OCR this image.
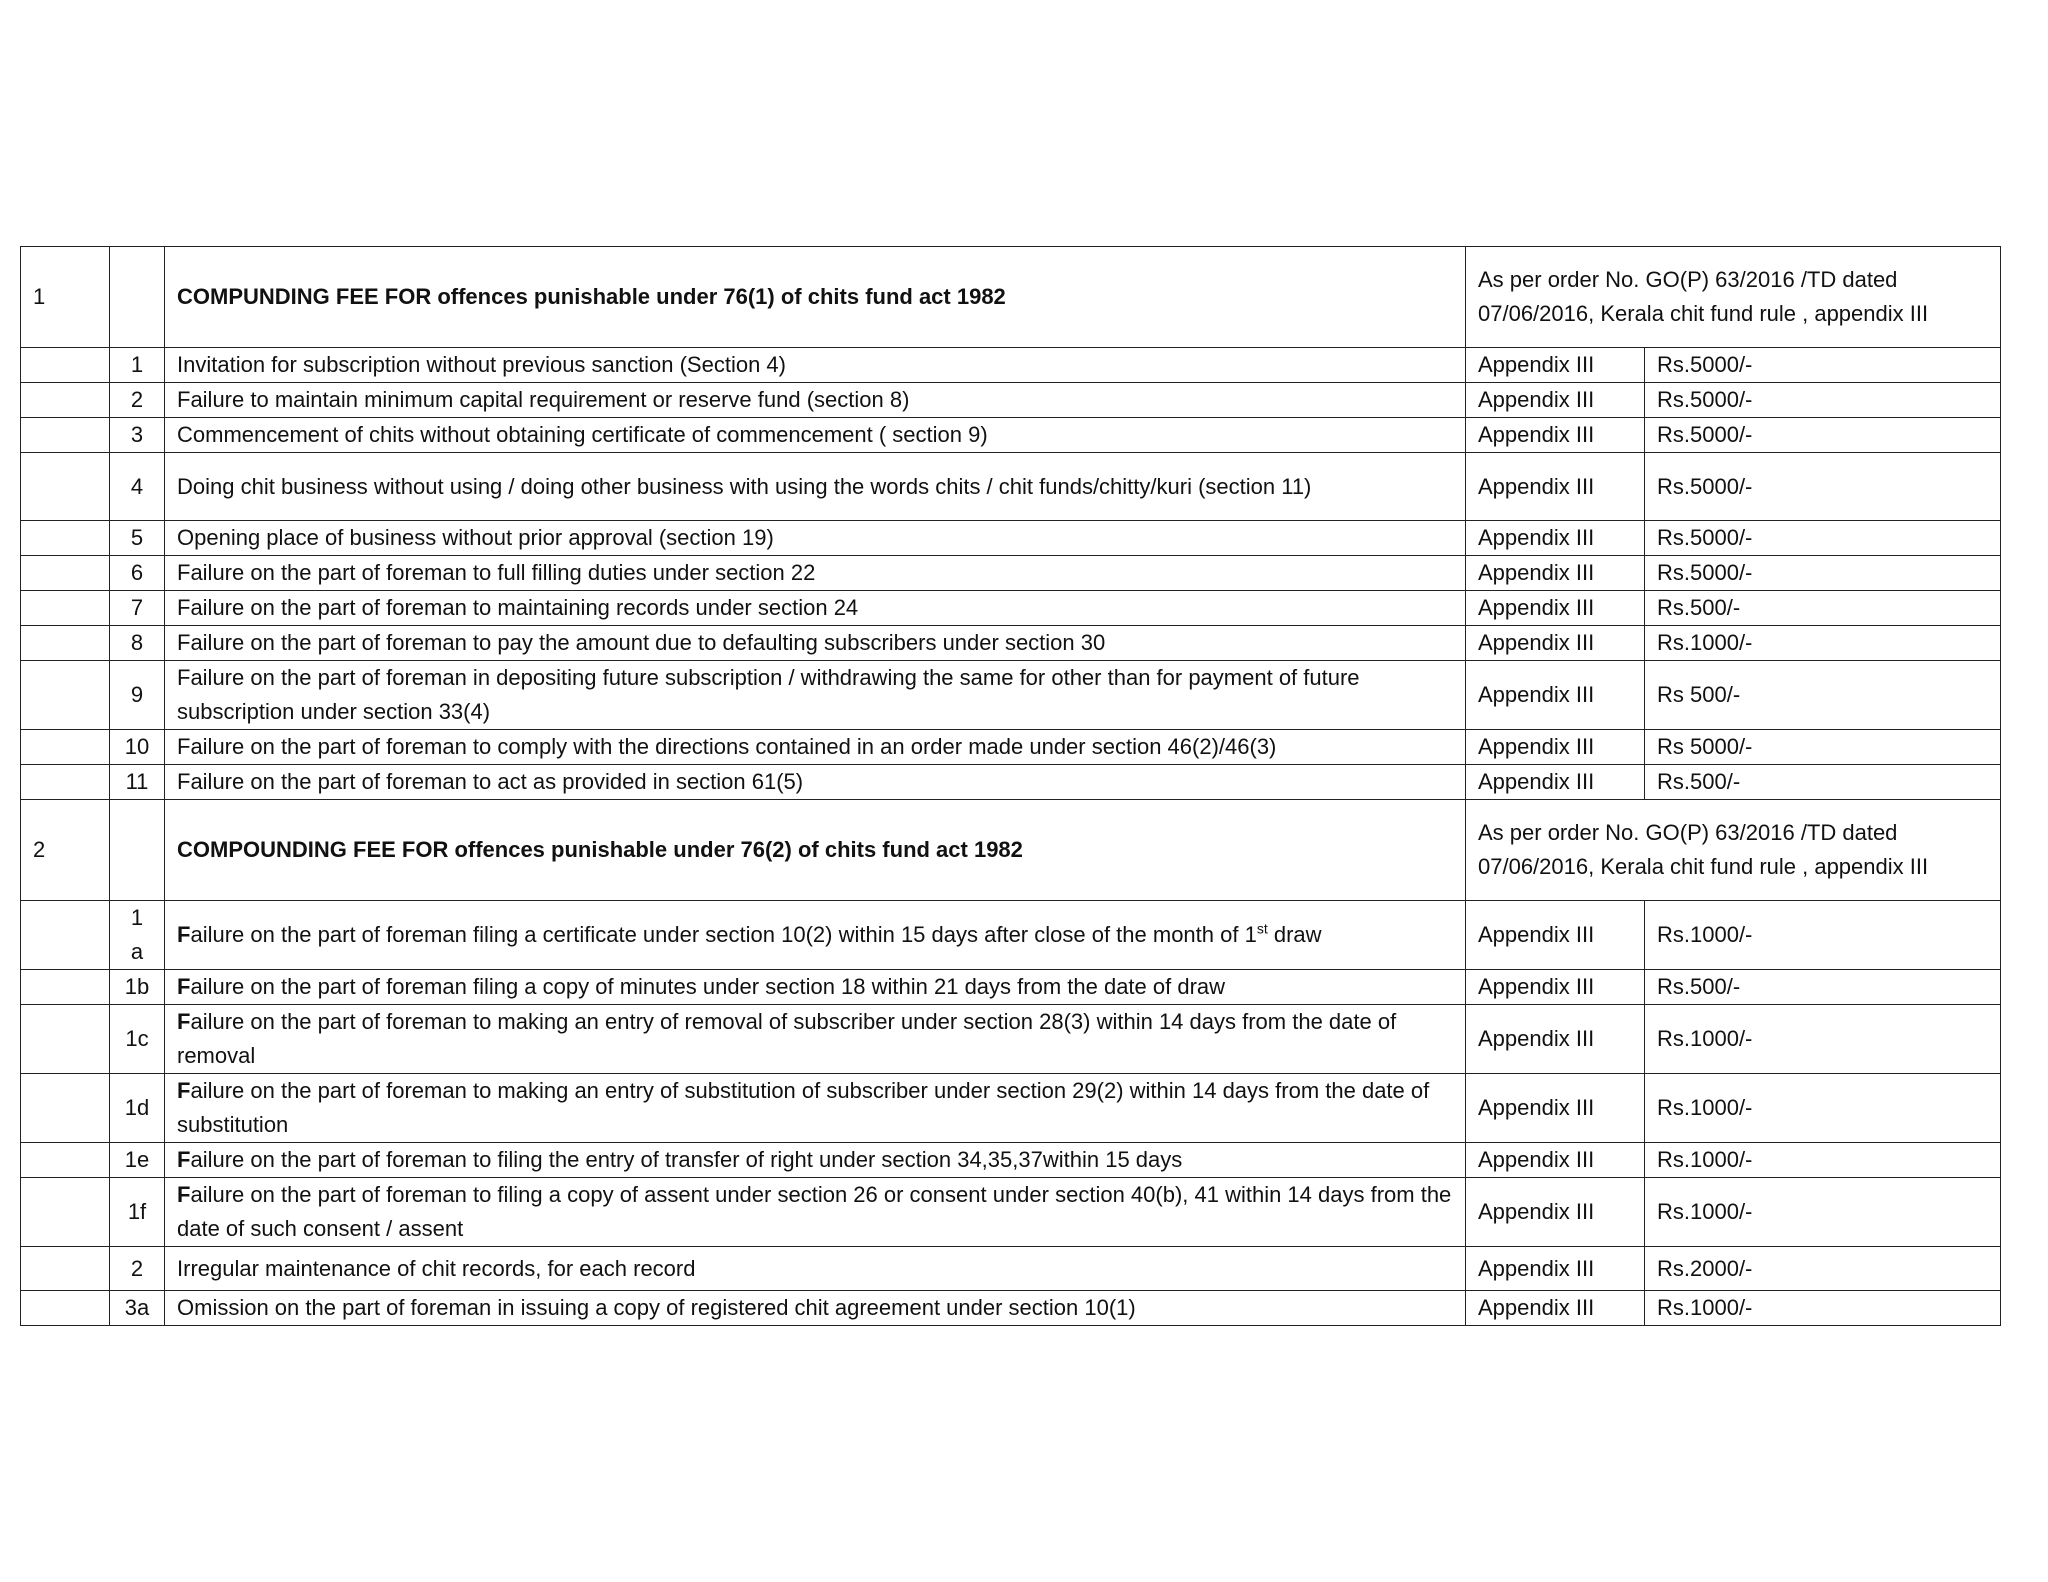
1		COMPUNDING FEE FOR offences punishable under 76(1) of chits fund act 1982	As per order No. GO(P) 63/2016 /TD dated 07/06/2016, Kerala chit fund rule , appendix III	
	1	Invitation for subscription without previous sanction (Section 4)	Appendix III	Rs.5000/-
	2	Failure to maintain minimum capital requirement or reserve fund (section 8)	Appendix III	Rs.5000/-
	3	Commencement of chits without obtaining certificate of commencement ( section 9)	Appendix III	Rs.5000/-
	4	Doing chit business without using / doing other business with using the words chits / chit funds/chitty/kuri (section 11)	Appendix III	Rs.5000/-
	5	Opening place of business without prior approval (section 19)	Appendix III	Rs.5000/-
	6	Failure on the part of foreman to full filling duties under section 22	Appendix III	Rs.5000/-
	7	Failure on the part of foreman to maintaining records under section 24	Appendix III	Rs.500/-
	8	Failure on the part of foreman to pay the amount due to defaulting subscribers under section 30	Appendix III	Rs.1000/-
	9	Failure on the part of foreman in depositing future subscription / withdrawing the same for other than for payment of future subscription under section 33(4)	Appendix III	Rs 500/-
	10	Failure on the part of foreman to comply with the directions contained in an order made under section 46(2)/46(3)	Appendix III	Rs 5000/-
	11	Failure on the part of foreman to act as provided in section 61(5)	Appendix III	Rs.500/-
2		COMPOUNDING FEE FOR offences punishable under 76(2) of chits fund act 1982	As per order No. GO(P) 63/2016 /TD dated 07/06/2016, Kerala chit fund rule , appendix III	
	1 a	Failure on the part of foreman filing a certificate under section 10(2) within 15 days after close of the month of 1st draw	Appendix III	Rs.1000/-
	1b	Failure on the part of foreman filing a copy of minutes under section 18 within 21 days from the date of draw	Appendix III	Rs.500/-
	1c	Failure on the part of foreman to making an entry of removal of subscriber under section 28(3) within 14 days from the date of removal	Appendix III	Rs.1000/-
	1d	Failure on the part of foreman to making an entry of substitution of subscriber under section 29(2) within 14 days from the date of substitution	Appendix III	Rs.1000/-
	1e	Failure on the part of foreman to filing the entry of transfer of right under section 34,35,37within 15 days	Appendix III	Rs.1000/-
	1f	Failure on the part of foreman to filing a copy of assent under section 26 or consent under section 40(b), 41 within 14 days from the date of such consent / assent	Appendix III	Rs.1000/-
	2	Irregular maintenance of chit records, for each record	Appendix III	Rs.2000/-
	3a	Omission on the part of foreman in issuing a copy of registered chit agreement under section 10(1)	Appendix III	Rs.1000/-
